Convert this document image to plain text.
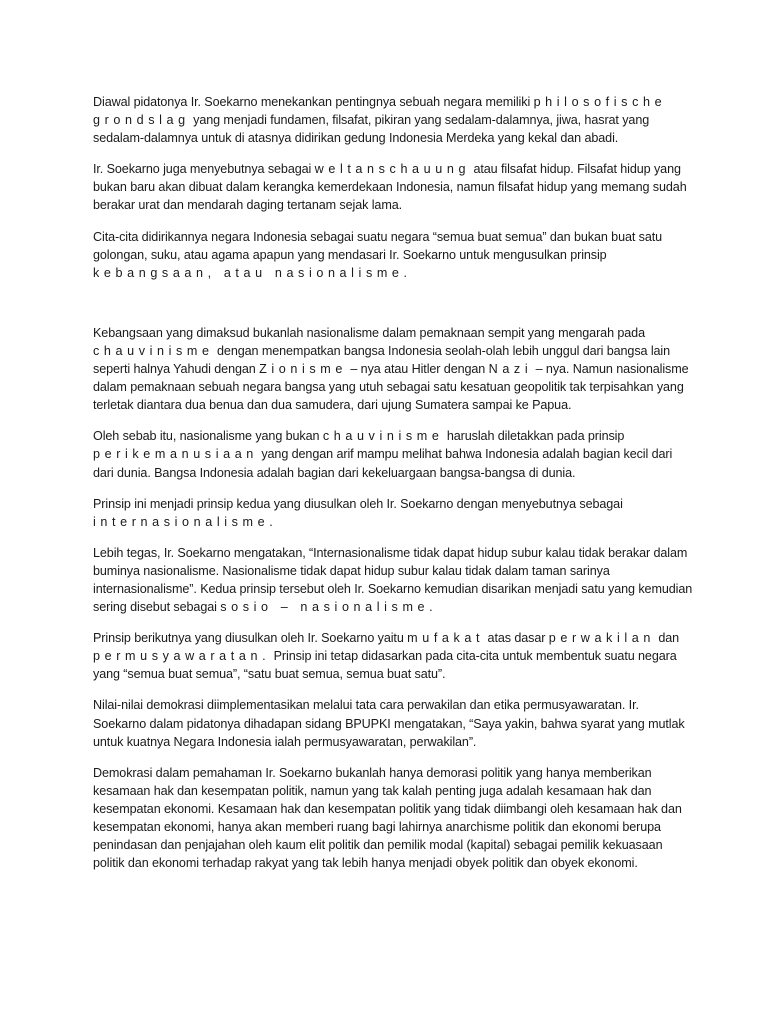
Diawal pidatonya Ir. Soekarno menekankan pentingnya sebuah negara memiliki philosofische grondslag yang menjadi fundamen, filsafat, pikiran yang sedalam-dalamnya, jiwa, hasrat yang sedalam-dalamnya untuk di atasnya didirikan gedung Indonesia Merdeka yang kekal dan abadi.

Ir. Soekarno juga menyebutnya sebagai weltanschauung atau filsafat hidup. Filsafat hidup yang bukan baru akan dibuat dalam kerangka kemerdekaan Indonesia, namun filsafat hidup yang memang sudah berakar urat dan mendarah daging tertanam sejak lama.

Cita-cita didirikannya negara Indonesia sebagai suatu negara “semua buat semua” dan bukan buat satu golongan, suku, atau agama apapun yang mendasari Ir. Soekarno untuk mengusulkan prinsip kebangsaan, atau nasionalisme.

Kebangsaan yang dimaksud bukanlah nasionalisme dalam pemaknaan sempit yang mengarah pada chauvinisme dengan menempatkan bangsa Indonesia seolah-olah lebih unggul dari bangsa lain seperti halnya Yahudi dengan Zionisme – nya atau Hitler dengan Nazi – nya. Namun nasionalisme dalam pemaknaan sebuah negara bangsa yang utuh sebagai satu kesatuan geopolitik tak terpisahkan yang terletak diantara dua benua dan dua samudera, dari ujung Sumatera sampai ke Papua.

Oleh sebab itu, nasionalisme yang bukan chauvinisme haruslah diletakkan pada prinsip perikemanusiaan yang dengan arif mampu melihat bahwa Indonesia adalah bagian kecil dari dari dunia. Bangsa Indonesia adalah bagian dari kekeluargaan bangsa-bangsa di dunia.

Prinsip ini menjadi prinsip kedua yang diusulkan oleh Ir. Soekarno dengan menyebutnya sebagai internasionalisme.

Lebih tegas, Ir. Soekarno mengatakan, “Internasionalisme tidak dapat hidup subur kalau tidak berakar dalam buminya nasionalisme. Nasionalisme tidak dapat hidup subur kalau tidak dalam taman sarinya internasionalisme”. Kedua prinsip tersebut oleh Ir. Soekarno kemudian disarikan menjadi satu yang kemudian sering disebut sebagai sosio – nasionalisme.

Prinsip berikutnya yang diusulkan oleh Ir. Soekarno yaitu mufakat atas dasar perwakilan dan permusyawaratan. Prinsip ini tetap didasarkan pada cita-cita untuk membentuk suatu negara yang “semua buat semua”, “satu buat semua, semua buat satu”.

Nilai-nilai demokrasi diimplementasikan melalui tata cara perwakilan dan etika permusyawaratan. Ir. Soekarno dalam pidatonya dihadapan sidang BPUPKI mengatakan, “Saya yakin, bahwa syarat yang mutlak untuk kuatnya Negara Indonesia ialah permusyawaratan, perwakilan”.

Demokrasi dalam pemahaman Ir. Soekarno bukanlah hanya demorasi politik yang hanya memberikan kesamaan hak dan kesempatan politik, namun yang tak kalah penting juga adalah kesamaan hak dan kesempatan ekonomi. Kesamaan hak dan kesempatan politik yang tidak diimbangi oleh kesamaan hak dan kesempatan ekonomi, hanya akan memberi ruang bagi lahirnya anarchisme politik dan ekonomi berupa penindasan dan penjajahan oleh kaum elit politik dan pemilik modal (kapital) sebagai pemilik kekuasaan politik dan ekonomi terhadap rakyat yang tak lebih hanya menjadi obyek politik dan obyek ekonomi.
